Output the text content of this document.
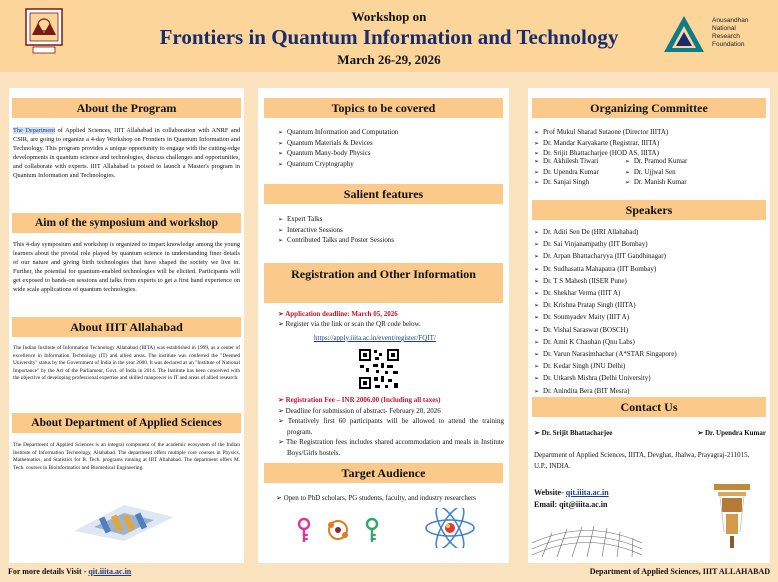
Workshop on
Frontiers in Quantum Information and Technology
March 26-29, 2026
Anusandhan
National
Research
Foundation
About the Program
The Department of Applied Sciences, IIIT Allahabad in collaboration with ANRF and CSIR, are going to organize a 4-day Workshop on Frontiers in Quantum Information and Technology. This program provides a unique opportunity to engage with the cutting-edge developments in quantum science and technologies, discuss challenges and opportunities, and collaborate with experts. IIIT Allahabad is poised to launch a Master's program in Quantum Information and Technologies.
Aim of the symposium and workshop
This 4-day symposium and workshop is organized to impart knowledge among the young learners about the pivotal role played by quantum science in understanding finer details of our nature and giving birth technologies that have shaped the society we live in. Further, the potential for quantum-enabled technologies will be elicited. Participants will get exposed to hands-on sessions and talks from experts to get a first hand experience on wide scale applications of quantum technologies.
About IIIT Allahabad
The Indian Institute of Information Technology Allahabad (IIITA) was established in 1999, as a center of excellence in Information Technology (IT) and allied areas. The institute was conferred the "Deemed University" status by the Government of India in the year 2000. It was declared as an "Institute of National Importance" by the Act of the Parliament, Govt. of India in 2014. The Institute has been conceived with the objective of developing professional expertise and skilled manpower in IT and areas of allied research.
About Department of Applied Sciences
The Department of Applied Sciences is an integral component of the academic ecosystem of the Indian Institute of Information Technology, Allahabad. The department offers multiple core courses in Physics, Mathematics, and Statistics for B. Tech. programs running at IIIT Allahabad. The department offers M. Tech. courses in Bioinformatics and Biomedical Engineering.
Topics to be covered
➢ Quantum Information and Computation
➢ Quantum Materials & Devices
➢ Quantum Many-body Physics
➢ Quantum Cryptography
Salient features
➢ Expert Talks
➢ Interactive Sessions
➢ Contributed Talks and Poster Sessions
Registration and Other Information
➢ Application deadline: March 05, 2026
➢ Register via the link or scan the QR code below.
https://apply.iiita.ac.in/event/register/FQIT/
➢ Registration Fee – INR 2006.00 (Including all taxes)
➢ Deadline for submission of abstract- February 20, 2026
➢ Tentatively first 60 participants will be allowed to attend the training program.
➢ The Registration fees includes shared accommodation and meals in Institute Boys/Girls hostels.
Target Audience
➢ Open to PhD scholars, PG students, faculty, and industry researchers
Organizing Committee
➢ Prof Mukul Sharad Sutaone (Director IIITA)
➢ Dr. Mandar Karyakarte (Registrar, IIITA)
➢ Dr. Srijit Bhattacharjee (HOD AS, IIITA)
➢ Dr. Akhilesh Tiwari
➢ Dr. Upendra Kumar
➢ Dr. Sanjai Singh
➢ Dr. Pramod Kumar
➢ Dr. Ujjwal Sen
➢ Dr. Manish Kumar
Speakers
➢ Dr. Aditi Sen De (HRI Allahabad)
➢ Dr. Sai Vinjanampathy (IIT Bombay)
➢ Dr. Arpan Bhattacharyya (IIT Gandhinagar)
➢ Dr. Sudhasatta Mahapatra (IIT Bombay)
➢ Dr. T S Mahesh (IISER Pune)
➢ Dr. Shekhar Verma (IIIT A)
➢ Dr. Krishna Pratap Singh (IIITA)
➢ Dr. Soumyadev Maity (IIIT A)
➢ Dr. Vishal Saraswat (BOSCH)
➢ Dr. Amit K Chauhan (Qnu Labs)
➢ Dr. Varun Narasimhachar (A*STAR Singapore)
➢ Dr. Kedar Singh (JNU Delhi)
➢ Dr. Utkarsh Mishra (Delhi University)
➢ Dr. Anindita Bera (BIT Mesra)
Contact Us
➢ Dr. Srijit Bhattacharjee	➢ Dr. Upendra Kumar
Department of Applied Sciences, IIITA, Devghat, Jhalwa, Prayagraj-211015, U.P., INDIA.
Website- qit.iiita.ac.in
Email: qit@iiita.ac.in
For more details Visit - qit.iiita.ac.in	Department of Applied Sciences, IIIT ALLAHABAD
